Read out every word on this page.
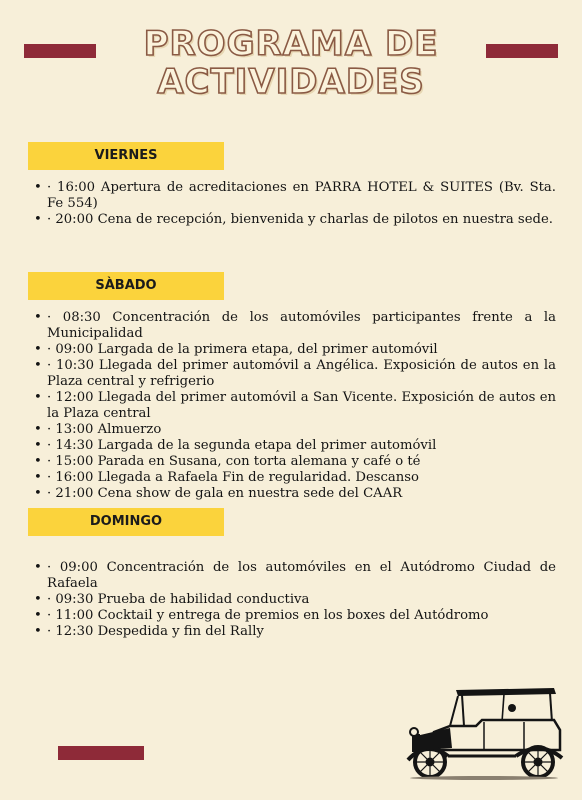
PROGRAMA DE
ACTIVIDADES
VIERNES
• · 16:00 Apertura de acreditaciones en PARRA HOTEL & SUITES (Bv. Sta. Fe 554)
• · 20:00 Cena de recepción, bienvenida y charlas de pilotos en nuestra sede.
SÀBADO
• · 08:30 Concentración de los automóviles participantes frente a la Municipalidad
• · 09:00 Largada de la primera etapa, del primer automóvil
• · 10:30 Llegada del primer automóvil a Angélica. Exposición de autos en la Plaza central y refrigerio
• · 12:00 Llegada del primer automóvil a San Vicente. Exposición de autos en la Plaza central
• · 13:00 Almuerzo
• · 14:30 Largada de la segunda etapa del primer automóvil
• · 15:00 Parada en Susana, con torta alemana y café o té
• · 16:00 Llegada a Rafaela Fin de regularidad. Descanso
• · 21:00 Cena show de gala en nuestra sede del CAAR
DOMINGO
• · 09:00 Concentración de los automóviles en el Autódromo Ciudad de Rafaela
• · 09:30 Prueba de habilidad conductiva
• · 11:00 Cocktail y entrega de premios en los boxes del Autódromo
• · 12:30 Despedida y fin del Rally
